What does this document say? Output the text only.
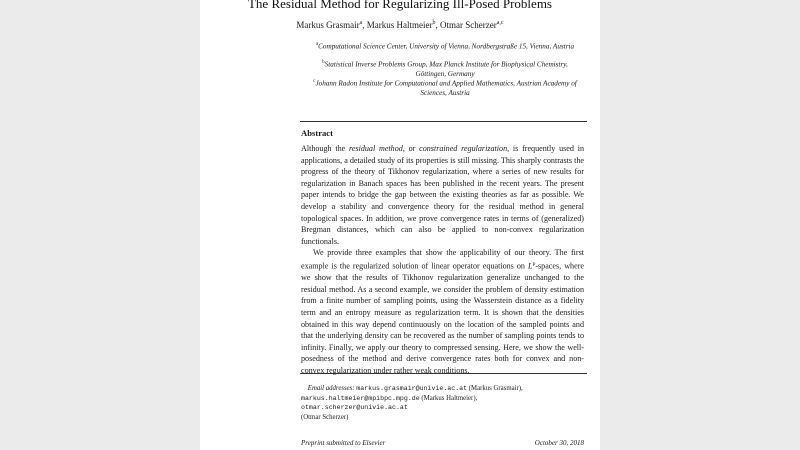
The Residual Method for Regularizing Ill-Posed Problems
Markus Grasmair$^a$, Markus Haltmeier$^b$, Otmar Scherzer$^{a,c}$
$^a$Computational Science Center, University of Vienna, Nordbergstraße 15, Vienna, Austria
$^b$Statistical Inverse Problems Group, Max Planck Institute for Biophysical Chemistry, Göttingen, Germany
$^c$Johann Radon Institute for Computational and Applied Mathematics, Austrian Academy of Sciences, Austria
Abstract

Although the residual method, or constrained regularization, is frequently used in applications, a detailed study of its properties is still missing. This sharply contrasts the progress of the theory of Tikhonov regularization, where a series of new results for regularization in Banach spaces has been published in the recent years. The present paper intends to bridge the gap between the existing theories as far as possible. We develop a stability and convergence theory for the residual method in general topological spaces. In addition, we prove convergence rates in terms of (generalized) Bregman distances, which can also be applied to non-convex regularization functionals.

We provide three examples that show the applicability of our theory. The first example is the regularized solution of linear operator equations on $L^p$-spaces, where we show that the results of Tikhonov regularization generalize unchanged to the residual method. As a second example, we consider the problem of density estimation from a finite number of sampling points, using the Wasserstein distance as a fidelity term and an entropy measure as regularization term. It is shown that the densities obtained in this way depend continuously on the location of the sampled points and that the underlying density can be recovered as the number of sampling points tends to infinity. Finally, we apply our theory to compressed sensing. Here, we show the well-posedness of the method and derive convergence rates both for convex and non-convex regularization under rather weak conditions.

Email addresses: markus.grasmair@univie.ac.at (Markus Grasmair),
markus.haltmeier@mpibpc.mpg.de (Markus Haltmeier), otmar.scherzer@univie.ac.at
(Otmar Scherzer)
Preprint submitted to Elsevier	October 30, 2018
